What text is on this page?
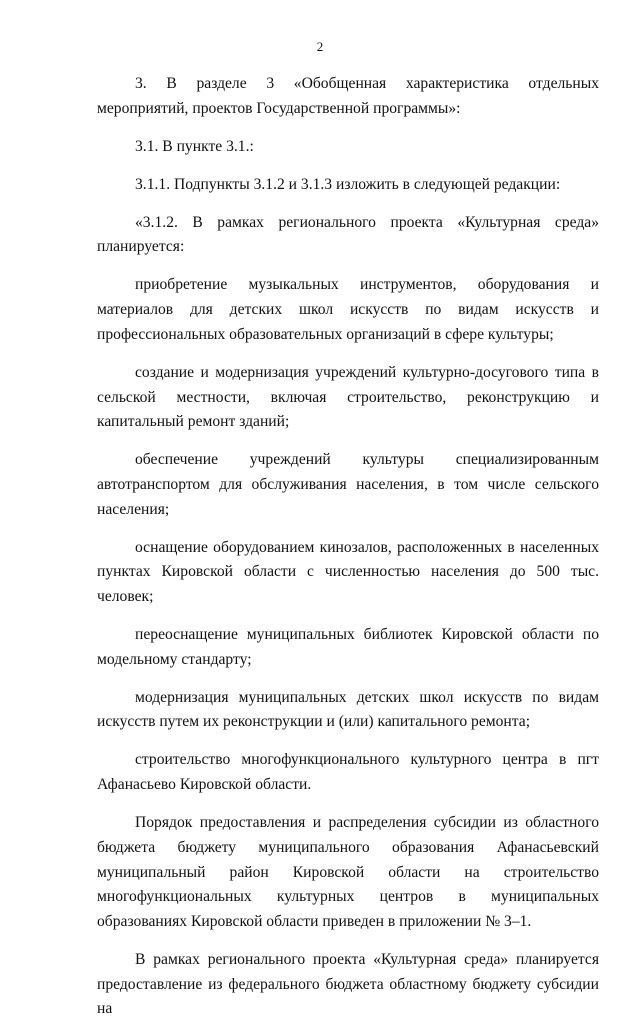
2

3. В разделе 3 «Обобщенная характеристика отдельных мероприятий, проектов Государственной программы»:

3.1. В пункте 3.1.:

3.1.1. Подпункты 3.1.2 и 3.1.3 изложить в следующей редакции:

«3.1.2. В рамках регионального проекта «Культурная среда» планируется:

приобретение музыкальных инструментов, оборудования и материалов для детских школ искусств по видам искусств и профессиональных образовательных организаций в сфере культуры;

создание и модернизация учреждений культурно-досугового типа в сельской местности, включая строительство, реконструкцию и капитальный ремонт зданий;

обеспечение учреждений культуры специализированным автотранспортом для обслуживания населения, в том числе сельского населения;

оснащение оборудованием кинозалов, расположенных в населенных пунктах Кировской области с численностью населения до 500 тыс. человек;

переоснащение муниципальных библиотек Кировской области по модельному стандарту;

модернизация муниципальных детских школ искусств по видам искусств путем их реконструкции и (или) капитального ремонта;

строительство многофункционального культурного центра в пгт Афанасьево Кировской области.

Порядок предоставления и распределения субсидии из областного бюджета бюджету муниципального образования Афанасьевский муниципальный район Кировской области на строительство многофункциональных культурных центров в муниципальных образованиях Кировской области приведен в приложении № 3–1.

В рамках регионального проекта «Культурная среда» планируется предоставление из федерального бюджета областному бюджету субсидии на
